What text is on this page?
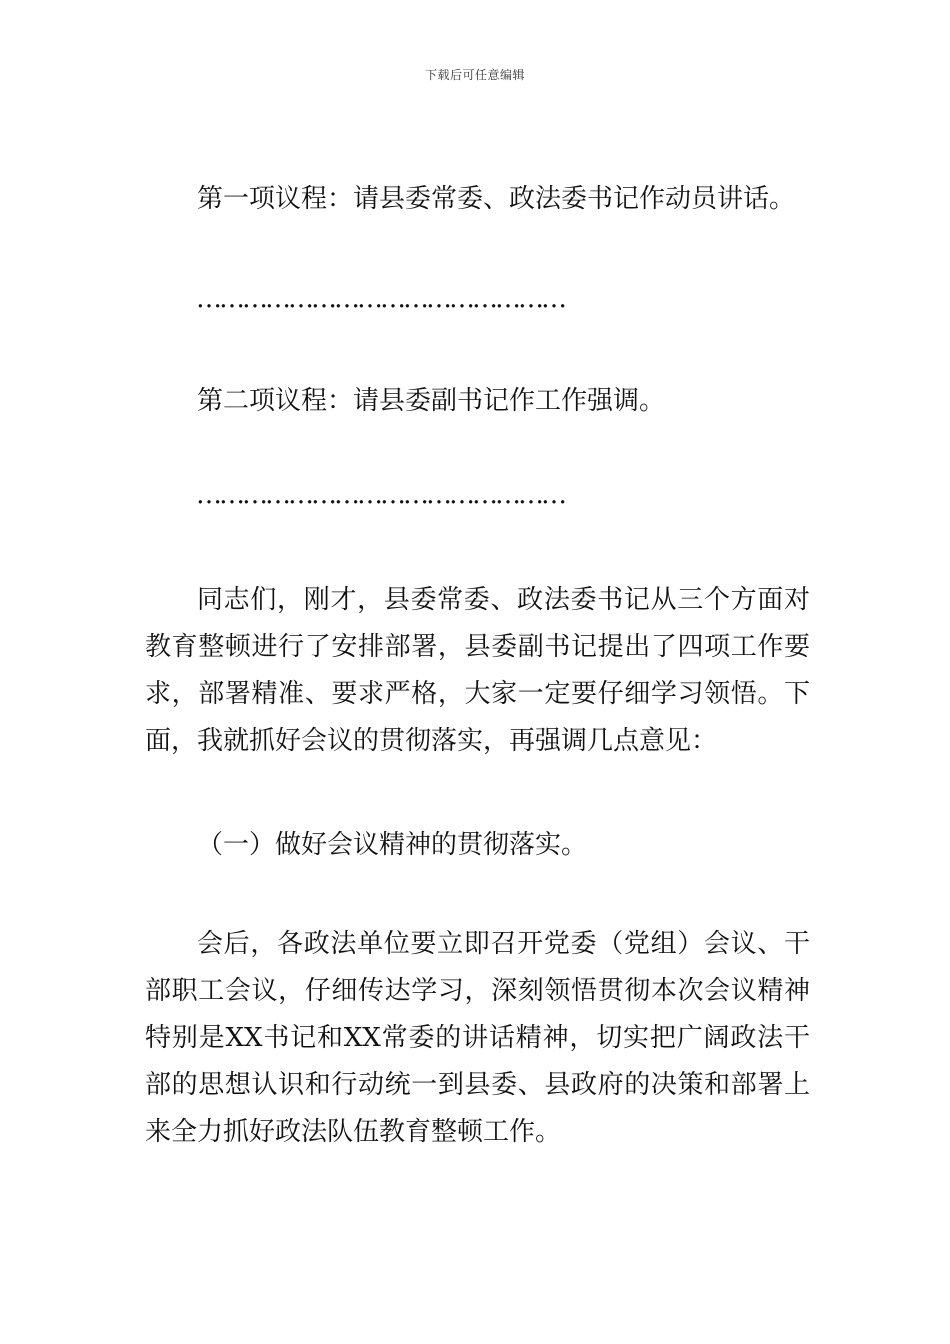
下载后可任意编辑
第一项议程：请县委常委、政法委书记作动员讲话。
…………………………………………
第二项议程：请县委副书记作工作强调。
…………………………………………

同志们，刚才，县委常委、政法委书记从三个方面对教育整顿进行了安排部署，县委副书记提出了四项工作要求，部署精准、要求严格，大家一定要仔细学习领悟。下面，我就抓好会议的贯彻落实，再强调几点意见：

（一）做好会议精神的贯彻落实。

会后，各政法单位要立即召开党委（党组）会议、干部职工会议，仔细传达学习，深刻领悟贯彻本次会议精神特别是XX书记和XX常委的讲话精神，切实把广阔政法干部的思想认识和行动统一到县委、县政府的决策和部署上来全力抓好政法队伍教育整顿工作。
